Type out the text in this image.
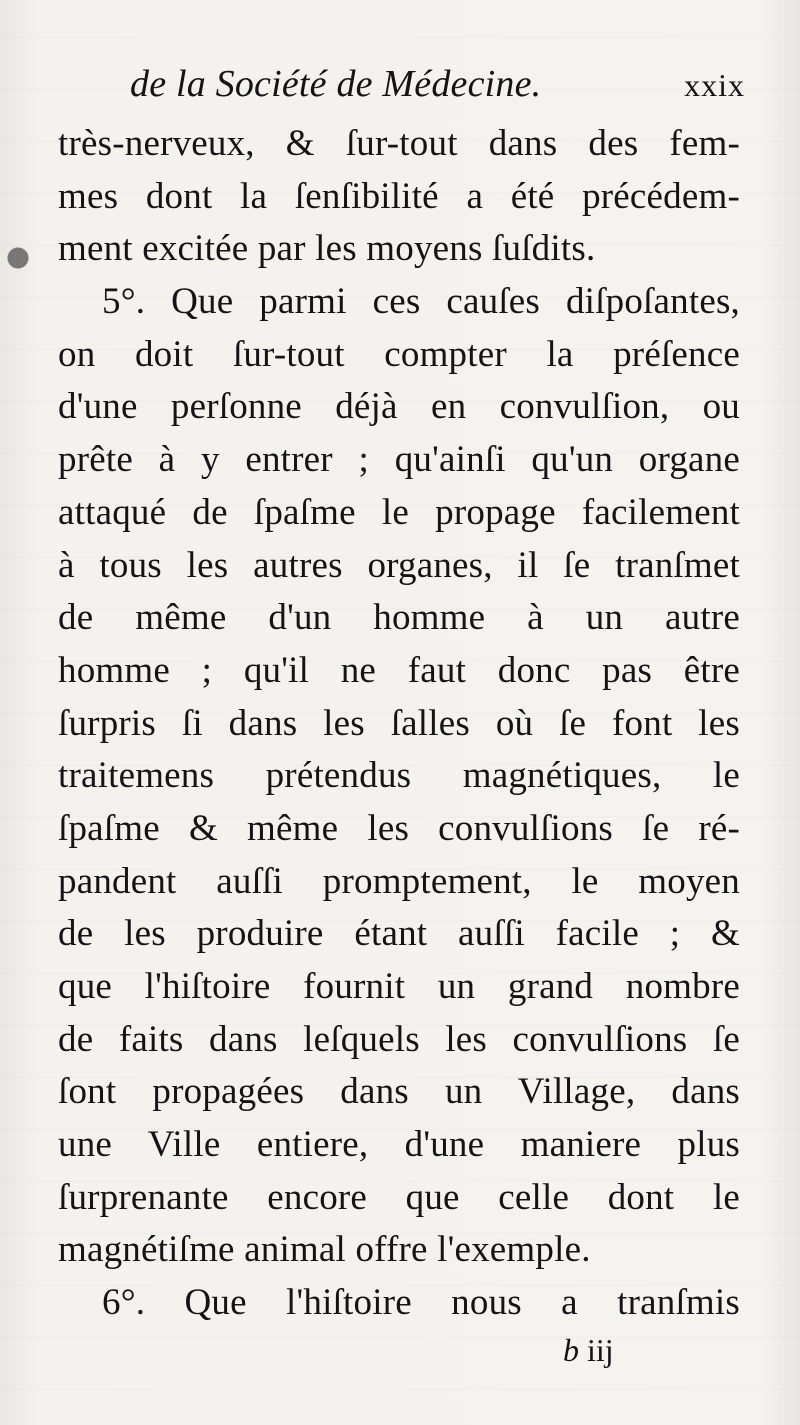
de la Société de Médecine.	xxix
très-nerveux, & ſur-tout dans des fem-
mes dont la ſenſibilité a été précédem-
ment excitée par les moyens ſuſdits.
5°. Que parmi ces cauſes diſpoſantes,
on doit ſur-tout compter la préſence
d'une perſonne déjà en convulſion, ou
prête à y entrer ; qu'ainſi qu'un organe
attaqué de ſpaſme le propage facilement
à tous les autres organes, il ſe tranſmet
de même d'un homme à un autre
homme ; qu'il ne faut donc pas être
ſurpris ſi dans les ſalles où ſe font les
traitemens prétendus magnétiques, le
ſpaſme & même les convulſions ſe ré-
pandent auſſi promptement, le moyen
de les produire étant auſſi facile ; &
que l'hiſtoire fournit un grand nombre
de faits dans leſquels les convulſions ſe
ſont propagées dans un Village, dans
une Ville entiere, d'une maniere plus
ſurprenante encore que celle dont le
magnétiſme animal offre l'exemple.
6°. Que l'hiſtoire nous a tranſmis
b iij
